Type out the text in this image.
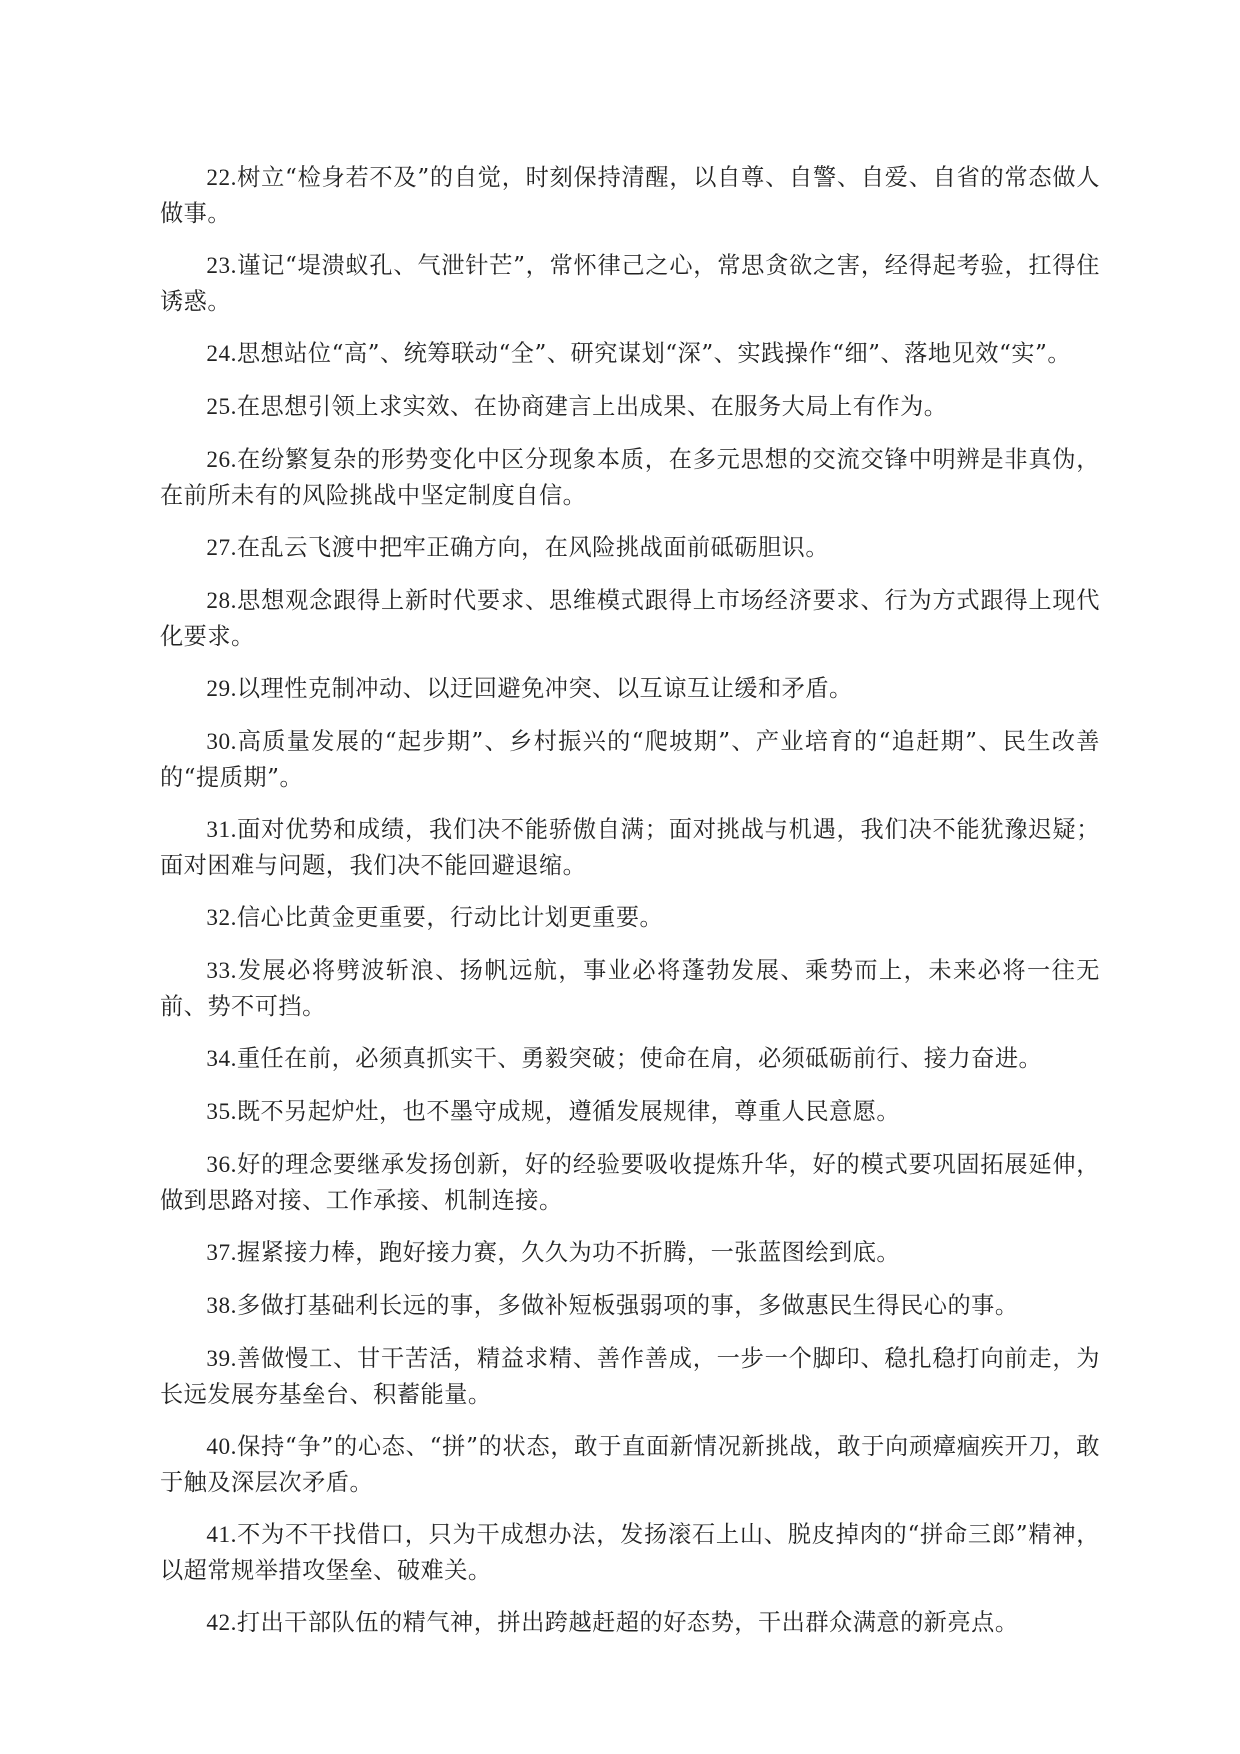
22.树立“检身若不及”的自觉，时刻保持清醒，以自尊、自警、自爱、自省的常态做人做事。

23.谨记“堤溃蚁孔、气泄针芒”，常怀律己之心，常思贪欲之害，经得起考验，扛得住诱惑。

24.思想站位“高”、统筹联动“全”、研究谋划“深”、实践操作“细”、落地见效“实”。

25.在思想引领上求实效、在协商建言上出成果、在服务大局上有作为。

26.在纷繁复杂的形势变化中区分现象本质，在多元思想的交流交锋中明辨是非真伪，在前所未有的风险挑战中坚定制度自信。

27.在乱云飞渡中把牢正确方向，在风险挑战面前砥砺胆识。

28.思想观念跟得上新时代要求、思维模式跟得上市场经济要求、行为方式跟得上现代化要求。

29.以理性克制冲动、以迂回避免冲突、以互谅互让缓和矛盾。

30.高质量发展的“起步期”、乡村振兴的“爬坡期”、产业培育的“追赶期”、民生改善的“提质期”。

31.面对优势和成绩，我们决不能骄傲自满；面对挑战与机遇，我们决不能犹豫迟疑；面对困难与问题，我们决不能回避退缩。

32.信心比黄金更重要，行动比计划更重要。

33.发展必将劈波斩浪、扬帆远航，事业必将蓬勃发展、乘势而上，未来必将一往无前、势不可挡。

34.重任在前，必须真抓实干、勇毅突破；使命在肩，必须砥砺前行、接力奋进。

35.既不另起炉灶，也不墨守成规，遵循发展规律，尊重人民意愿。

36.好的理念要继承发扬创新，好的经验要吸收提炼升华，好的模式要巩固拓展延伸，做到思路对接、工作承接、机制连接。

37.握紧接力棒，跑好接力赛，久久为功不折腾，一张蓝图绘到底。

38.多做打基础利长远的事，多做补短板强弱项的事，多做惠民生得民心的事。

39.善做慢工、甘干苦活，精益求精、善作善成，一步一个脚印、稳扎稳打向前走，为长远发展夯基垒台、积蓄能量。

40.保持“争”的心态、“拼”的状态，敢于直面新情况新挑战，敢于向顽瘴痼疾开刀，敢于触及深层次矛盾。

41.不为不干找借口，只为干成想办法，发扬滚石上山、脱皮掉肉的“拼命三郎”精神，以超常规举措攻堡垒、破难关。

42.打出干部队伍的精气神，拼出跨越赶超的好态势，干出群众满意的新亮点。
